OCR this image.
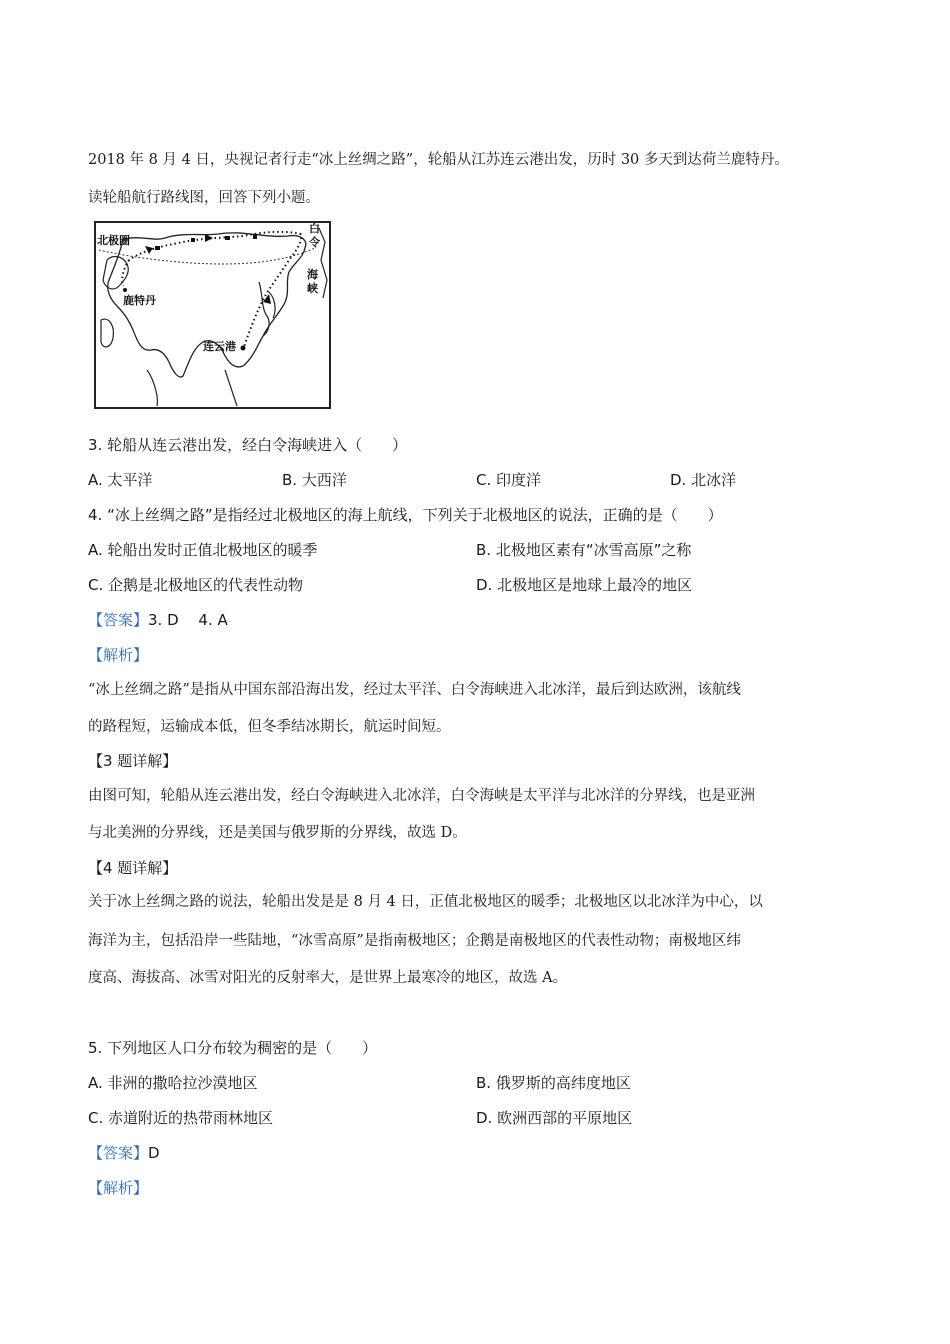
2018 年 8 月 4 日，央视记者行走“冰上丝绸之路”，轮船从江苏连云港出发，历时 30 多天到达荷兰鹿特丹。
读轮船航行路线图，回答下列小题。
北极圈
鹿特丹
连云港
白
令
海
峡
3. 轮船从连云港出发，经白令海峡进入（　　）
A. 太平洋	B. 大西洋	C. 印度洋	D. 北冰洋
4. “冰上丝绸之路”是指经过北极地区的海上航线，下列关于北极地区的说法，正确的是（　　）
A. 轮船出发时正值北极地区的暖季	B. 北极地区素有“冰雪高原”之称
C. 企鹅是北极地区的代表性动物	D. 北极地区是地球上最冷的地区
【答案】3. D　 4. A
【解析】
“冰上丝绸之路”是指从中国东部沿海出发，经过太平洋、白令海峡进入北冰洋，最后到达欧洲，该航线
的路程短，运输成本低，但冬季结冰期长，航运时间短。
【3 题详解】
由图可知，轮船从连云港出发，经白令海峡进入北冰洋，白令海峡是太平洋与北冰洋的分界线，也是亚洲
与北美洲的分界线，还是美国与俄罗斯的分界线，故选 D。
【4 题详解】
关于冰上丝绸之路的说法，轮船出发是是 8 月 4 日，正值北极地区的暖季；北极地区以北冰洋为中心，以
海洋为主，包括沿岸一些陆地，“冰雪高原”是指南极地区；企鹅是南极地区的代表性动物；南极地区纬
度高、海拔高、冰雪对阳光的反射率大，是世界上最寒冷的地区，故选 A。
5. 下列地区人口分布较为稠密的是（　　）
A. 非洲的撒哈拉沙漠地区	B. 俄罗斯的高纬度地区
C. 赤道附近的热带雨林地区	D. 欧洲西部的平原地区
【答案】D
【解析】
